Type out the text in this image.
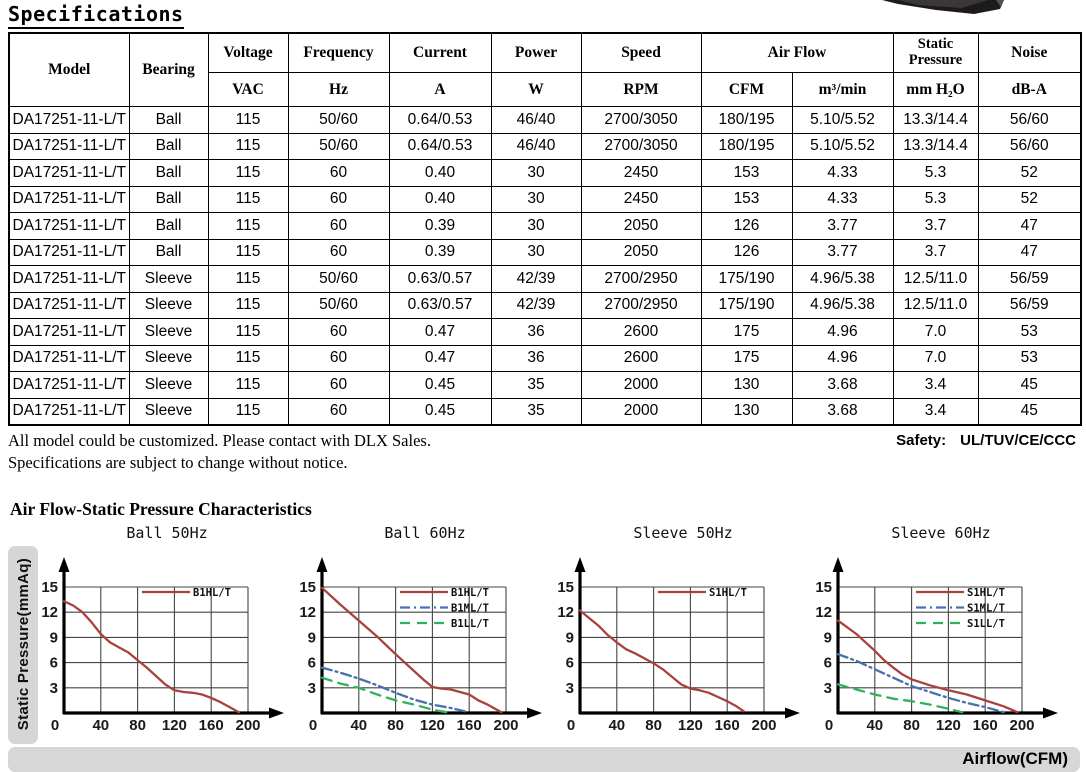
Specifications
Model	Bearing	Voltage	Frequency	Current	Power	Speed	Air Flow		Static Pressure	Noise
		VAC	Hz	A	W	RPM	CFM	m³/min	mm H₂O	dB-A
DA17251-11-L/T	Ball	115	50/60	0.64/0.53	46/40	2700/3050	180/195	5.10/5.52	13.3/14.4	56/60
DA17251-11-L/T	Ball	115	50/60	0.64/0.53	46/40	2700/3050	180/195	5.10/5.52	13.3/14.4	56/60
DA17251-11-L/T	Ball	115	60	0.40	30	2450	153	4.33	5.3	52
DA17251-11-L/T	Ball	115	60	0.40	30	2450	153	4.33	5.3	52
DA17251-11-L/T	Ball	115	60	0.39	30	2050	126	3.77	3.7	47
DA17251-11-L/T	Ball	115	60	0.39	30	2050	126	3.77	3.7	47
DA17251-11-L/T	Sleeve	115	50/60	0.63/0.57	42/39	2700/2950	175/190	4.96/5.38	12.5/11.0	56/59
DA17251-11-L/T	Sleeve	115	50/60	0.63/0.57	42/39	2700/2950	175/190	4.96/5.38	12.5/11.0	56/59
DA17251-11-L/T	Sleeve	115	60	0.47	36	2600	175	4.96	7.0	53
DA17251-11-L/T	Sleeve	115	60	0.47	36	2600	175	4.96	7.0	53
DA17251-11-L/T	Sleeve	115	60	0.45	35	2000	130	3.68	3.4	45
DA17251-11-L/T	Sleeve	115	60	0.45	35	2000	130	3.68	3.4	45
All model could be customized. Please contact with DLX Sales.
Specifications are subject to change without notice.
Safety: UL/TUV/CE/CCC
Air Flow-Static Pressure Characteristics
Static Pressure(mmAq)
Ball 50Hz
0 40 80 120 160 200
3
6
9
12
15	B1HL/T
Ball 60Hz
0 40 80 120 160 200
3
6
9
12
15	B1HL/T
B1ML/T
B1LL/T
Sleeve 50Hz
0 40 80 120 160 200
3
6
9
12
15	S1HL/T
Sleeve 60Hz
0 40 80 120 160 200
3
6
9
12
15	S1HL/T
S1ML/T
S1LL/T
Airflow(CFM)
